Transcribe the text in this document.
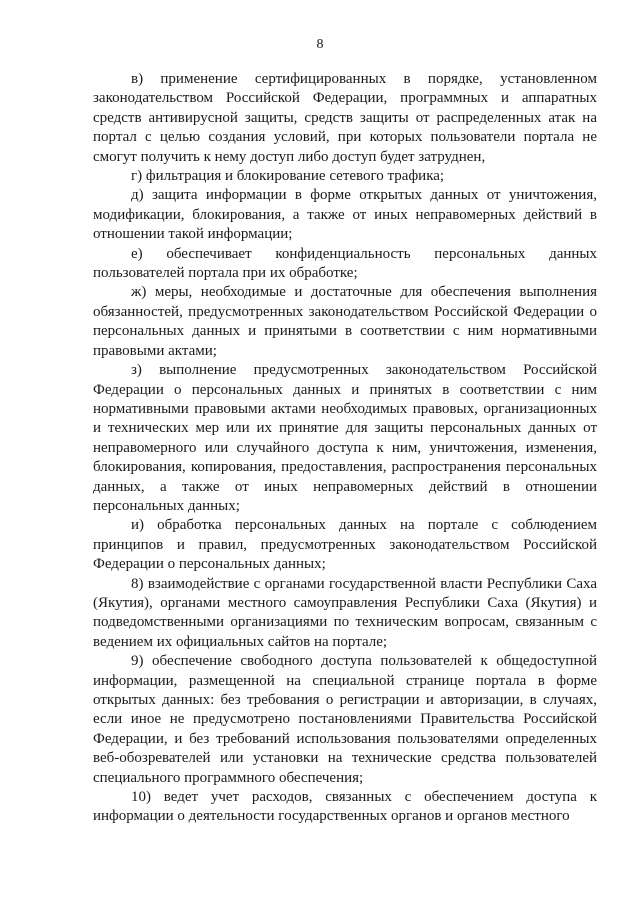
8

в) применение сертифицированных в порядке, установленном законодательством Российской Федерации, программных и аппаратных средств антивирусной защиты, средств защиты от распределенных атак на портал с целью создания условий, при которых пользователи портала не смогут получить к нему доступ либо доступ будет затруднен,

г) фильтрация и блокирование сетевого трафика;

д) защита информации в форме открытых данных от уничтожения, модификации, блокирования, а также от иных неправомерных действий в отношении такой информации;

е) обеспечивает конфиденциальность персональных данных пользователей портала при их обработке;

ж) меры, необходимые и достаточные для обеспечения выполнения обязанностей, предусмотренных законодательством Российской Федерации о персональных данных и принятыми в соответствии с ним нормативными правовыми актами;

з) выполнение предусмотренных законодательством Российской Федерации о персональных данных и принятых в соответствии с ним нормативными правовыми актами необходимых правовых, организационных и технических мер или их принятие для защиты персональных данных от неправомерного или случайного доступа к ним, уничтожения, изменения, блокирования, копирования, предоставления, распространения персональных данных, а также от иных неправомерных действий в отношении персональных данных;

и) обработка персональных данных на портале с соблюдением принципов и правил, предусмотренных законодательством Российской Федерации о персональных данных;

8) взаимодействие с органами государственной власти Республики Саха (Якутия), органами местного самоуправления Республики Саха (Якутия) и подведомственными организациями по техническим вопросам, связанным с ведением их официальных сайтов на портале;

9) обеспечение свободного доступа пользователей к общедоступной информации, размещенной на специальной странице портала в форме открытых данных: без требования о регистрации и авторизации, в случаях, если иное не предусмотрено постановлениями Правительства Российской Федерации, и без требований использования пользователями определенных веб-обозревателей или установки на технические средства пользователей специального программного обеспечения;

10) ведет учет расходов, связанных с обеспечением доступа к информации о деятельности государственных органов и органов местного
